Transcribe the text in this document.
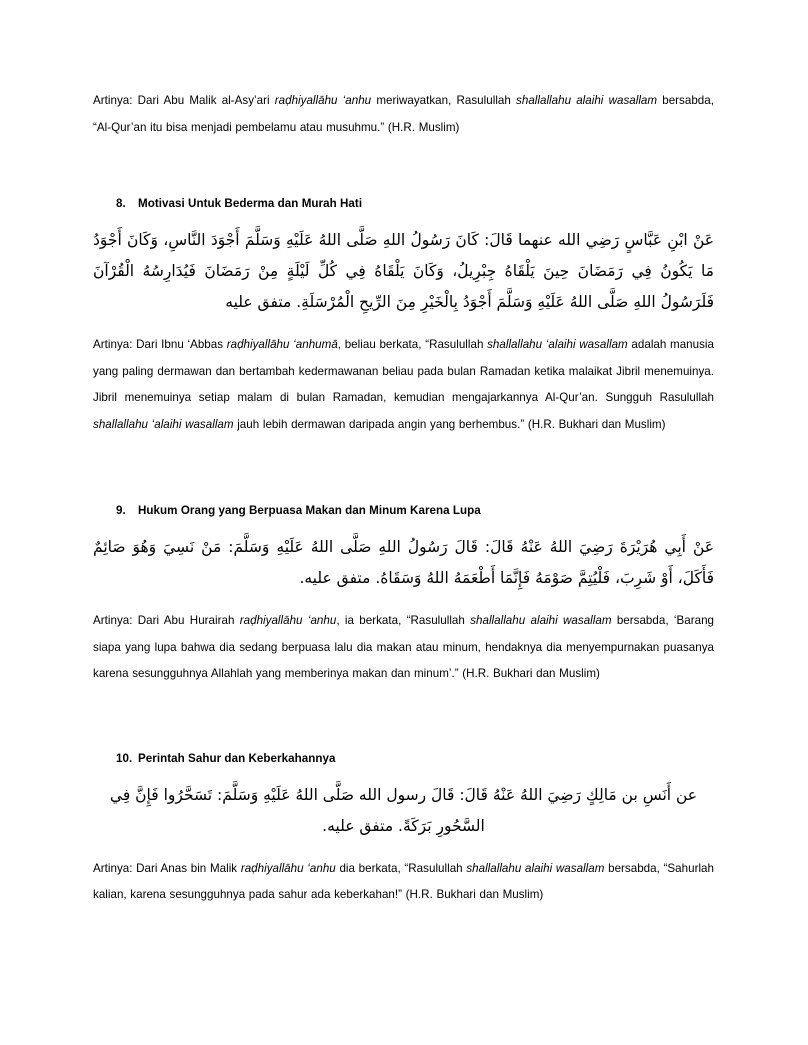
Artinya: Dari Abu Malik al-Asy’ari raḍhiyallāhu ‘anhu meriwayatkan, Rasulullah shallallahu alaihi wasallam bersabda, “Al-Qur’an itu bisa menjadi pembelamu atau musuhmu.” (H.R. Muslim)

8. Motivasi Untuk Bederma dan Murah Hati

عَنْ ابْنِ عَبَّاسٍ رَضِي الله عنهما قَالَ: كَانَ رَسُولُ اللهِ صَلَّى اللهُ عَلَيْهِ وَسَلَّمَ أَجْوَدَ النَّاسِ، وَكَانَ أَجْوَدُ مَا يَكُونُ فِي رَمَضَانَ حِينَ يَلْقَاهُ جِبْرِيلُ، وَكَانَ يَلْقَاهُ فِي كُلِّ لَيْلَةٍ مِنْ رَمَضَانَ فَيُدَارِسُهُ الْقُرْآنَ فَلَرَسُولُ اللهِ صَلَّى اللهُ عَلَيْهِ وَسَلَّمَ أَجْوَدُ بِالْخَيْرِ مِنَ الرِّيحِ الْمُرْسَلَةِ. متفق عليه

Artinya: Dari Ibnu ‘Abbas raḍhiyallāhu ‘anhumā, beliau berkata, “Rasulullah shallallahu ‘alaihi wasallam adalah manusia yang paling dermawan dan bertambah kedermawanan beliau pada bulan Ramadan ketika malaikat Jibril menemuinya. Jibril menemuinya setiap malam di bulan Ramadan, kemudian mengajarkannya Al-Qur’an. Sungguh Rasulullah shallallahu ‘alaihi wasallam jauh lebih dermawan daripada angin yang berhembus.” (H.R. Bukhari dan Muslim)

9. Hukum Orang yang Berpuasa Makan dan Minum Karena Lupa

عَنْ أَبِي هُرَيْرَةَ رَضِيَ اللهُ عَنْهُ قَالَ: قَالَ رَسُولُ اللهِ صَلَّى اللهُ عَلَيْهِ وَسَلَّمَ: مَنْ نَسِيَ وَهُوَ صَائِمٌ فَأَكَلَ، أَوْ شَرِبَ، فَلْيُتِمَّ صَوْمَهُ فَإِنَّمَا أَطْعَمَهُ اللهُ وَسَقَاهُ. متفق عليه.

Artinya: Dari Abu Hurairah raḍhiyallāhu ‘anhu, ia berkata, “Rasulullah shallallahu alaihi wasallam bersabda, ‘Barang siapa yang lupa bahwa dia sedang berpuasa lalu dia makan atau minum, hendaknya dia menyempurnakan puasanya karena sesungguhnya Allahlah yang memberinya makan dan minum’.” (H.R. Bukhari dan Muslim)

10. Perintah Sahur dan Keberkahannya

عن أَنَسِ بن مَالِكٍ رَضِيَ اللهُ عَنْهُ قَالَ: قَالَ رسول الله صَلَّى اللهُ عَلَيْهِ وَسَلَّمَ: تَسَحَّرُوا فَإِنَّ فِي السَّحُورِ بَرَكَةً. متفق عليه.

Artinya: Dari Anas bin Malik raḍhiyallāhu ‘anhu dia berkata, “Rasulullah shallallahu alaihi wasallam bersabda, “Sahurlah kalian, karena sesungguhnya pada sahur ada keberkahan!” (H.R. Bukhari dan Muslim)
